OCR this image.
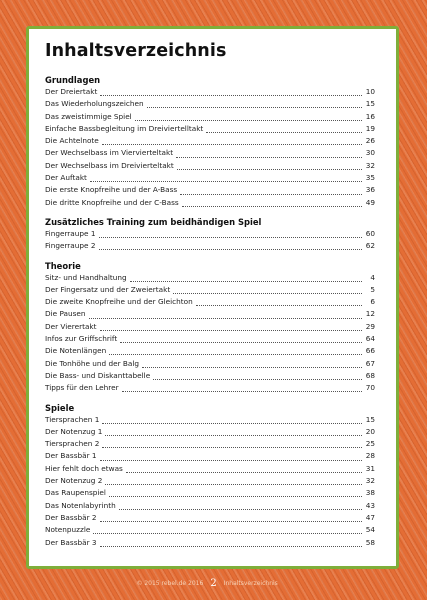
Inhaltsverzeichnis
Grundlagen
Der Dreiertakt	10
Das Wiederholungszeichen	15
Das zweistimmige Spiel	16
Einfache Bassbegleitung im Dreiviertelltakt	19
Die Achtelnote	26
Der Wechselbass im Viervierteltakt	30
Der Wechselbass im Dreivierteltakt	32
Der Auftakt	35
Die erste Knopfreihe und der A-Bass	36
Die dritte Knopfreihe und der C-Bass	49
Zusätzliches Training zum beidhändigen Spiel
Fingerraupe 1	60
Fingerraupe 2	62
Theorie
Sitz- und Handhaltung	4
Der Fingersatz und der Zweiertakt	5
Die zweite Knopfreihe und der Gleichton	6
Die Pausen	12
Der Vierertakt	29
Infos zur Griffschrift	64
Die Notenlängen	66
Die Tonhöhe und der Balg	67
Die Bass- und Diskanttabelle	68
Tipps für den Lehrer	70
Spiele
Tiersprachen 1	15
Der Notenzug 1	20
Tiersprachen 2	25
Der Bassbär 1	28
Hier fehlt doch etwas	31
Der Notenzug 2	32
Das Raupenspiel	38
Das Notenlabyrinth	43
Der Bassbär 2	47
Notenpuzzle	54
Der Bassbär 3	58
© 2015 rebel.de 2016 2 Inhaltsverzeichnis
